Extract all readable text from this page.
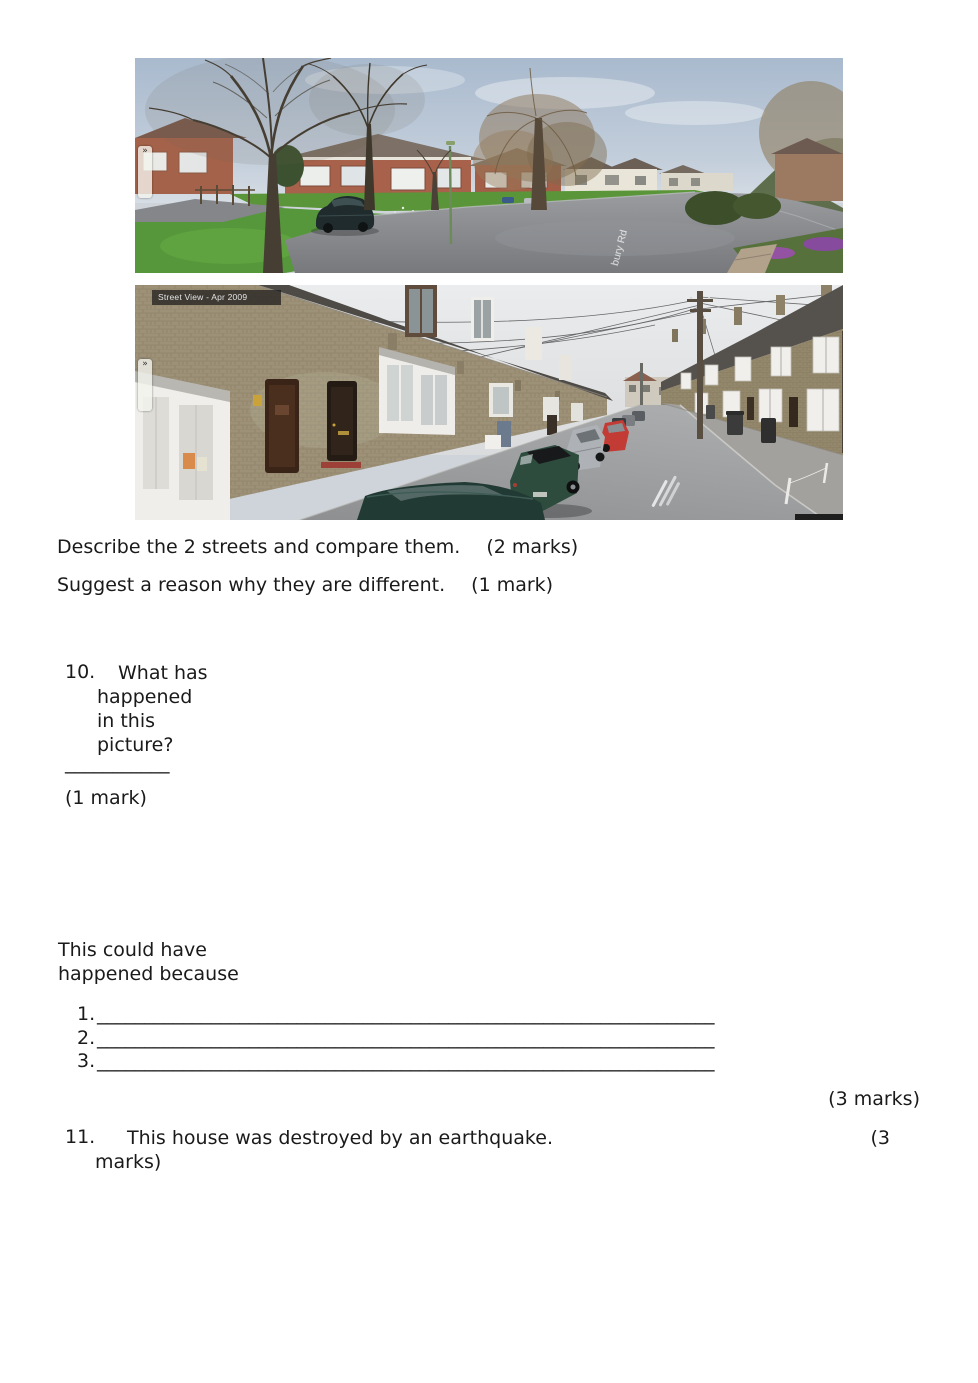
»
bury Rd
Street View - Apr 2009
»
Describe the 2 streets and compare them. (2 marks)
Suggest a reason why they are different. (1 mark)
10.	What has happened in this picture?
___________
(1 mark)
This could have happened because
1. _________________________________________________________________
2. _________________________________________________________________
3. _________________________________________________________________
(3 marks)
11. This house was destroyed by an earthquake.	(3
marks)
